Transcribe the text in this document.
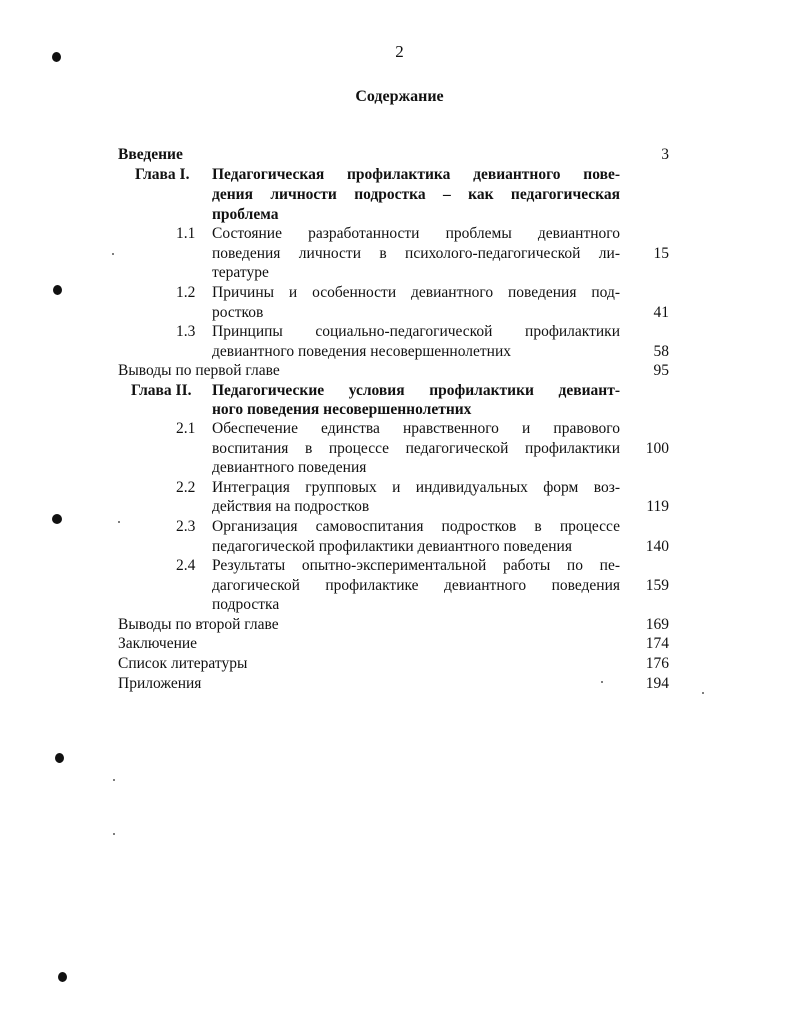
2
Содержание
Введение	3
Глава I. Педагогическая профилактика девиантного пове-
дения личности подростка – как педагогическая
проблема
1.1 Состояние разработанности проблемы девиантного
поведения личности в психолого-педагогической ли- 15
тературе
1.2 Причины и особенности девиантного поведения под-
ростков	41
1.3 Принципы социально-педагогической профилактики
девиантного поведения несовершеннолетних	58
Выводы по первой главе	95
Глава II. Педагогические условия профилактики девиант-
ного поведения несовершеннолетних
2.1 Обеспечение единства нравственного и правового
воспитания в процессе педагогической профилактики 100
девиантного поведения
2.2 Интеграция групповых и индивидуальных форм воз-
действия на подростков	119
2.3 Организация самовоспитания подростков в процессе
педагогической профилактики девиантного поведения	140
2.4 Результаты опытно-экспериментальной работы по пе-
дагогической профилактике девиантного поведения 159
подростка
Выводы по второй главе	169
Заключение	174
Список литературы	176
Приложения	194
